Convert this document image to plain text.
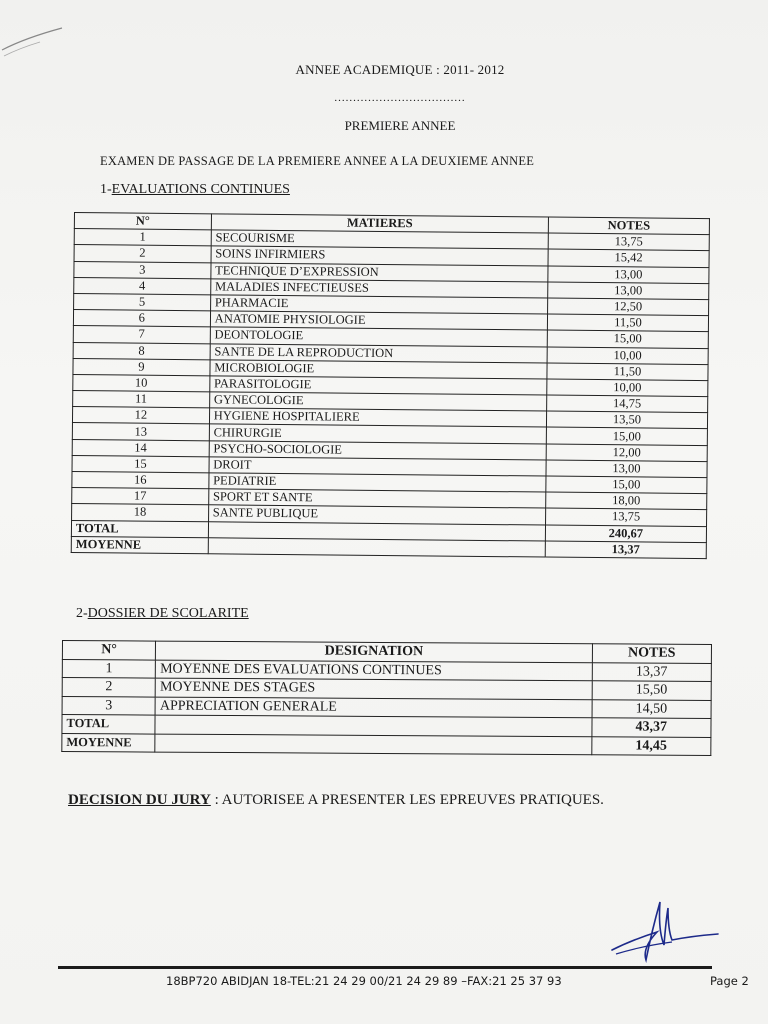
ANNEE ACADEMIQUE : 2011- 2012
...................................
PREMIERE ANNEE
EXAMEN DE PASSAGE DE LA PREMIERE ANNEE A LA DEUXIEME ANNEE
1-EVALUATIONS CONTINUES
N°	MATIERES	NOTES
1	SECOURISME	13,75
2	SOINS INFIRMIERS	15,42
3	TECHNIQUE D’EXPRESSION	13,00
4	MALADIES INFECTIEUSES	13,00
5	PHARMACIE	12,50
6	ANATOMIE PHYSIOLOGIE	11,50
7	DEONTOLOGIE	15,00
8	SANTE DE LA REPRODUCTION	10,00
9	MICROBIOLOGIE	11,50
10	PARASITOLOGIE	10,00
11	GYNECOLOGIE	14,75
12	HYGIENE HOSPITALIERE	13,50
13	CHIRURGIE	15,00
14	PSYCHO-SOCIOLOGIE	12,00
15	DROIT	13,00
16	PEDIATRIE	15,00
17	SPORT ET SANTE	18,00
18	SANTE PUBLIQUE	13,75
TOTAL		240,67
MOYENNE		13,37
2-DOSSIER DE SCOLARITE
N°	DESIGNATION	NOTES
1	MOYENNE DES EVALUATIONS CONTINUES	13,37
2	MOYENNE DES STAGES	15,50
3	APPRECIATION GENERALE	14,50
TOTAL		43,37
MOYENNE		14,45
DECISION DU JURY : AUTORISEE A PRESENTER LES EPREUVES PRATIQUES.
18BP720 ABIDJAN 18-TEL:21 24 29 00/21 24 29 89 –FAX:21 25 37 93	Page 2
